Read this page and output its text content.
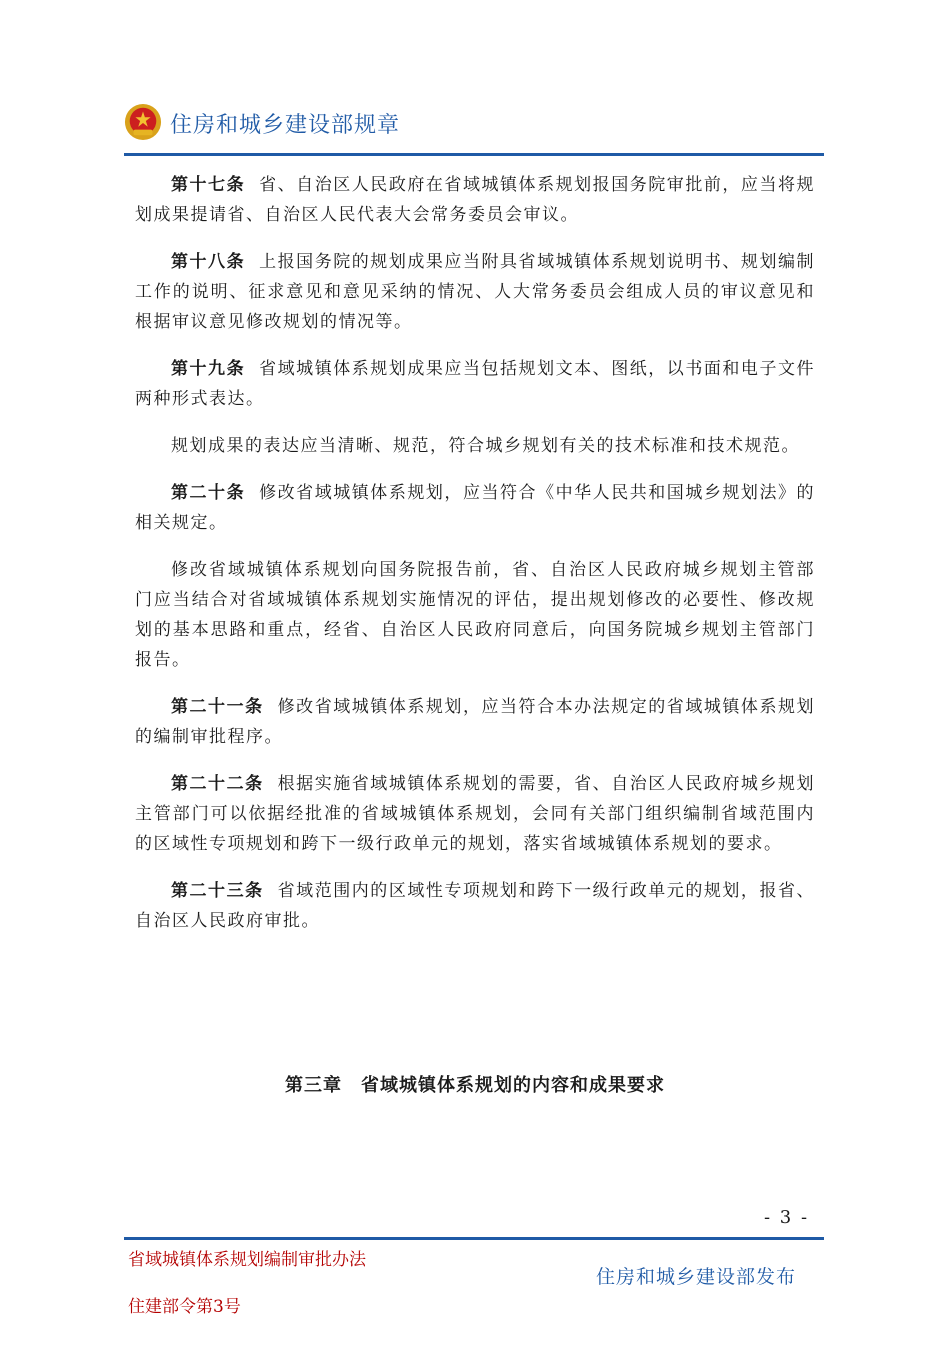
住房和城乡建设部规章

第十七条 省、自治区人民政府在省域城镇体系规划报国务院审批前，应当将规划成果提请省、自治区人民代表大会常务委员会审议。

第十八条 上报国务院的规划成果应当附具省域城镇体系规划说明书、规划编制工作的说明、征求意见和意见采纳的情况、人大常务委员会组成人员的审议意见和根据审议意见修改规划的情况等。

第十九条 省域城镇体系规划成果应当包括规划文本、图纸，以书面和电子文件两种形式表达。

规划成果的表达应当清晰、规范，符合城乡规划有关的技术标准和技术规范。

第二十条 修改省域城镇体系规划，应当符合《中华人民共和国城乡规划法》的相关规定。

修改省域城镇体系规划向国务院报告前，省、自治区人民政府城乡规划主管部门应当结合对省域城镇体系规划实施情况的评估，提出规划修改的必要性、修改规划的基本思路和重点，经省、自治区人民政府同意后，向国务院城乡规划主管部门报告。

第二十一条 修改省域城镇体系规划，应当符合本办法规定的省域城镇体系规划的编制审批程序。

第二十二条 根据实施省域城镇体系规划的需要，省、自治区人民政府城乡规划主管部门可以依据经批准的省域城镇体系规划，会同有关部门组织编制省域范围内的区域性专项规划和跨下一级行政单元的规划，落实省域城镇体系规划的要求。

第二十三条 省域范围内的区域性专项规划和跨下一级行政单元的规划，报省、自治区人民政府审批。

第三章　省域城镇体系规划的内容和成果要求
- 3 -
省域城镇体系规划编制审批办法
住建部令第3号
住房和城乡建设部发布
